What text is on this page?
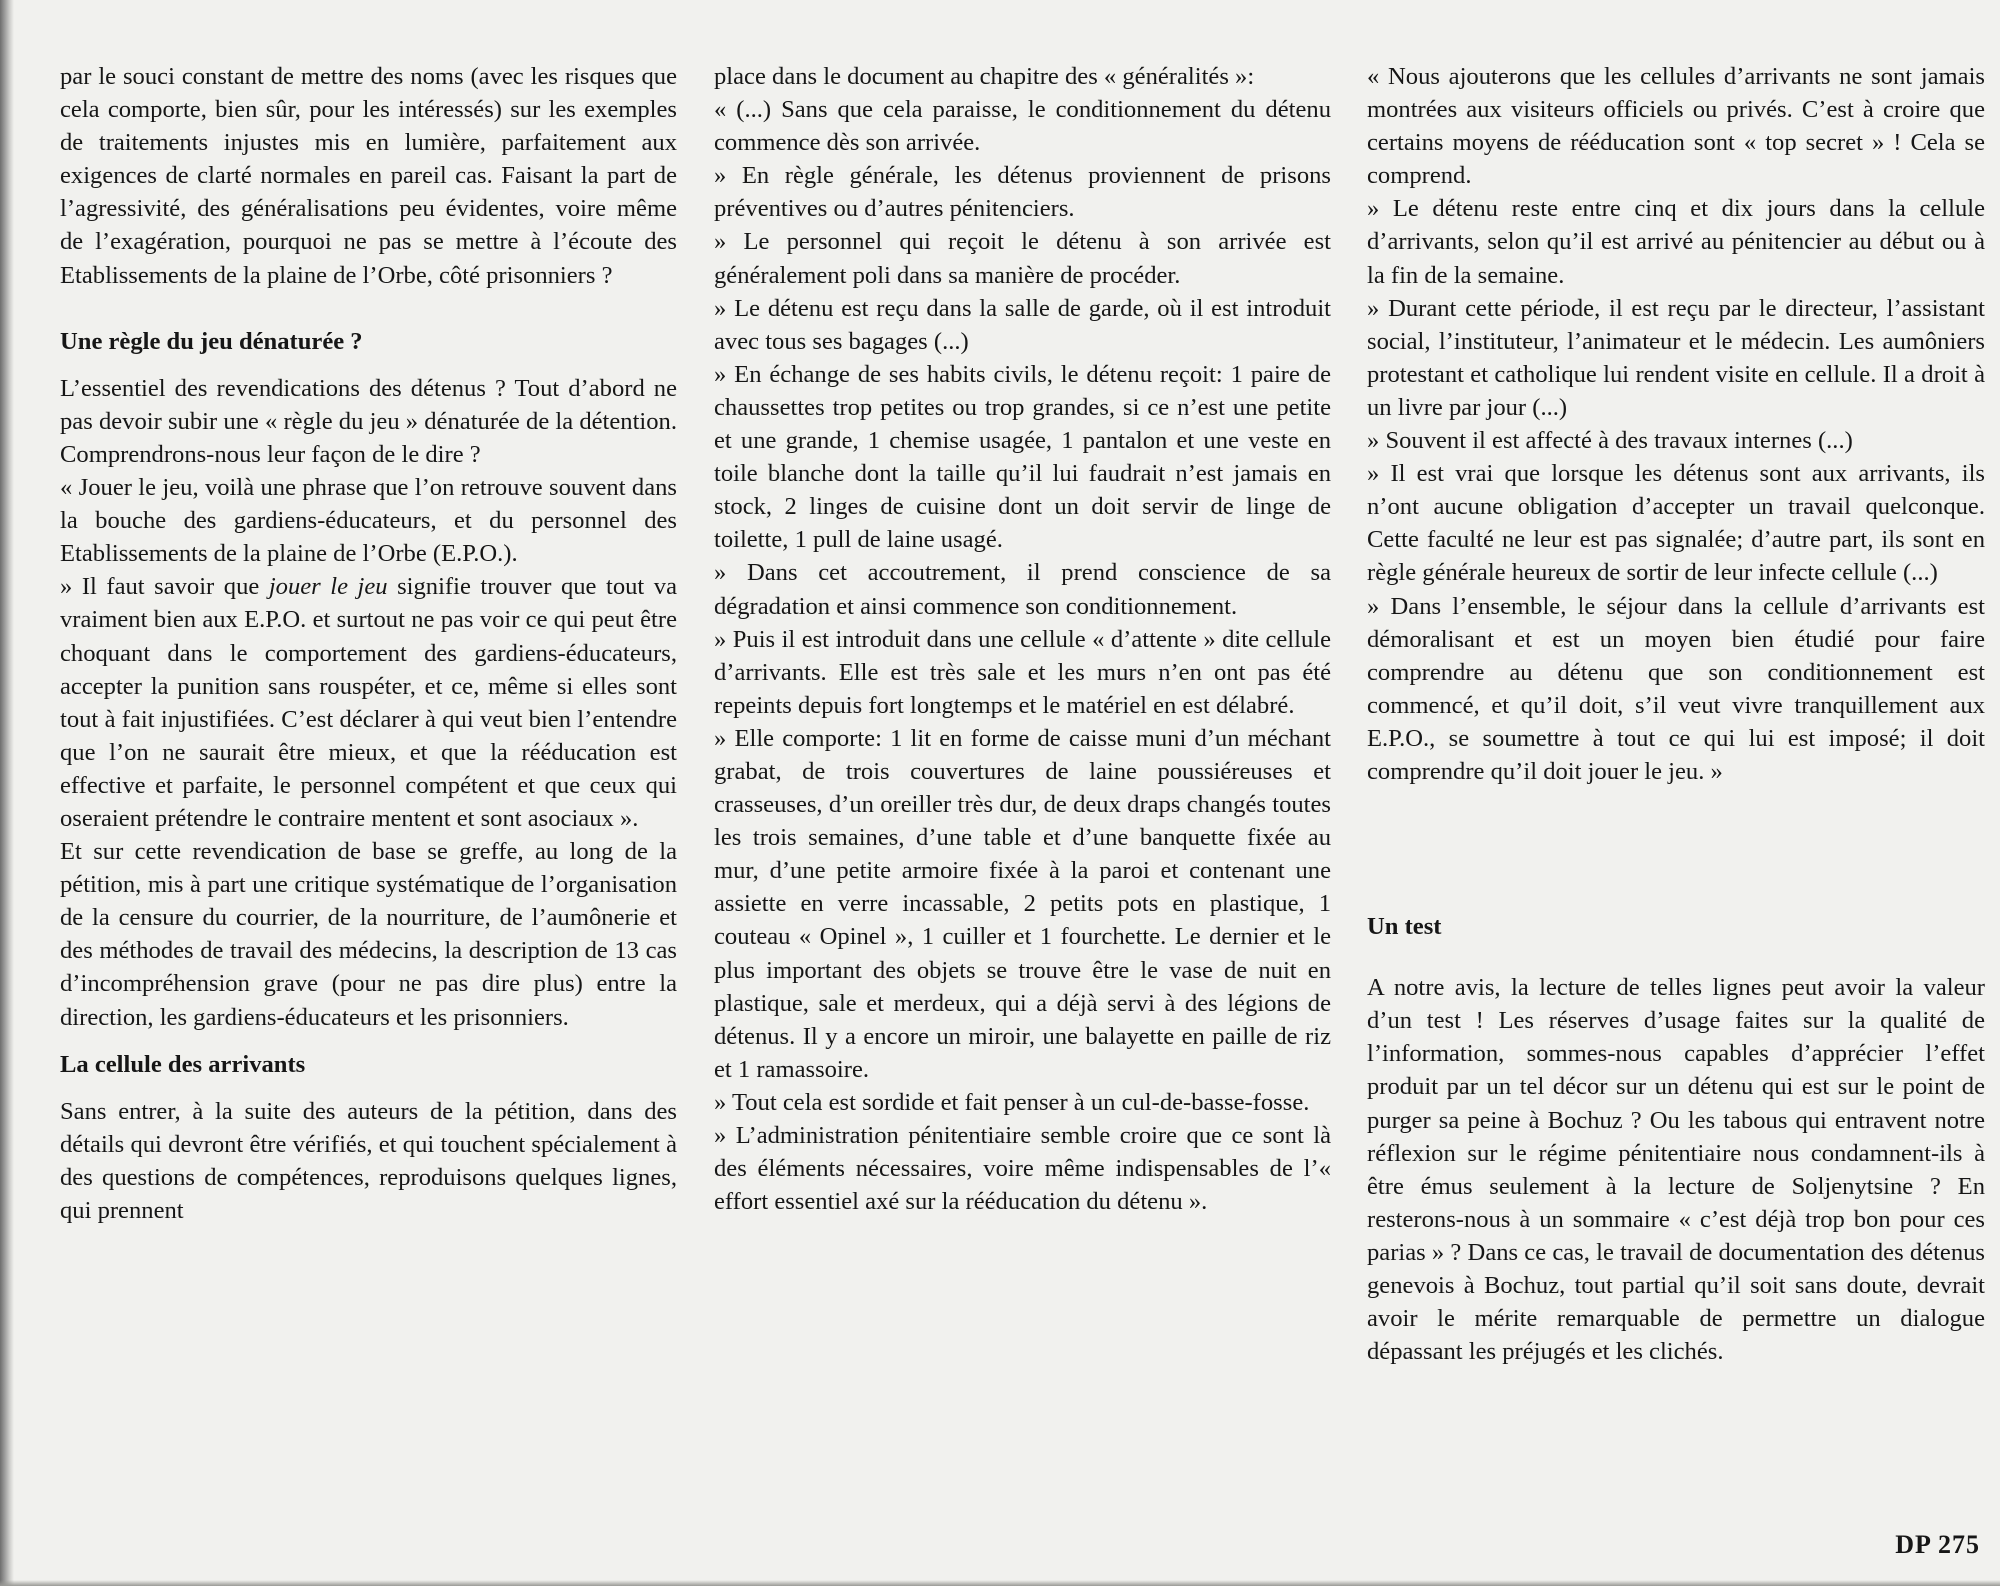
par le souci constant de mettre des noms (avec les risques que cela comporte, bien sûr, pour les intéressés) sur les exemples de traitements injustes mis en lumière, parfaitement aux exigences de clarté normales en pareil cas. Faisant la part de l’agressivité, des généralisations peu évidentes, voire même de l’exagération, pourquoi ne pas se mettre à l’écoute des Etablissements de la plaine de l’Orbe, côté prisonniers ?

Une règle du jeu dénaturée ?

L’essentiel des revendications des détenus ? Tout d’abord ne pas devoir subir une « règle du jeu » dénaturée de la détention. Comprendrons-nous leur façon de le dire ?

« Jouer le jeu, voilà une phrase que l’on retrouve souvent dans la bouche des gardiens-éducateurs, et du personnel des Etablissements de la plaine de l’Orbe (E.P.O.).

» Il faut savoir que jouer le jeu signifie trouver que tout va vraiment bien aux E.P.O. et surtout ne pas voir ce qui peut être choquant dans le comportement des gardiens-éducateurs, accepter la punition sans rouspéter, et ce, même si elles sont tout à fait injustifiées. C’est déclarer à qui veut bien l’entendre que l’on ne saurait être mieux, et que la rééducation est effective et parfaite, le personnel compétent et que ceux qui oseraient prétendre le contraire mentent et sont asociaux ».

Et sur cette revendication de base se greffe, au long de la pétition, mis à part une critique systématique de l’organisation de la censure du courrier, de la nourriture, de l’aumônerie et des méthodes de travail des médecins, la description de 13 cas d’incompréhension grave (pour ne pas dire plus) entre la direction, les gardiens-éducateurs et les prisonniers.

La cellule des arrivants

Sans entrer, à la suite des auteurs de la pétition, dans des détails qui devront être vérifiés, et qui touchent spécialement à des questions de compétences, reproduisons quelques lignes, qui prennent

place dans le document au chapitre des « généralités »:

« (...) Sans que cela paraisse, le conditionnement du détenu commence dès son arrivée.

» En règle générale, les détenus proviennent de prisons préventives ou d’autres pénitenciers.

» Le personnel qui reçoit le détenu à son arrivée est généralement poli dans sa manière de procéder.

» Le détenu est reçu dans la salle de garde, où il est introduit avec tous ses bagages (...)

» En échange de ses habits civils, le détenu reçoit: 1 paire de chaussettes trop petites ou trop grandes, si ce n’est une petite et une grande, 1 chemise usagée, 1 pantalon et une veste en toile blanche dont la taille qu’il lui faudrait n’est jamais en stock, 2 linges de cuisine dont un doit servir de linge de toilette, 1 pull de laine usagé.

» Dans cet accoutrement, il prend conscience de sa dégradation et ainsi commence son conditionnement.

» Puis il est introduit dans une cellule « d’attente » dite cellule d’arrivants. Elle est très sale et les murs n’en ont pas été repeints depuis fort longtemps et le matériel en est délabré.

» Elle comporte: 1 lit en forme de caisse muni d’un méchant grabat, de trois couvertures de laine poussiéreuses et crasseuses, d’un oreiller très dur, de deux draps changés toutes les trois semaines, d’une table et d’une banquette fixée au mur, d’une petite armoire fixée à la paroi et contenant une assiette en verre incassable, 2 petits pots en plastique, 1 couteau « Opinel », 1 cuiller et 1 fourchette. Le dernier et le plus important des objets se trouve être le vase de nuit en plastique, sale et merdeux, qui a déjà servi à des légions de détenus. Il y a encore un miroir, une balayette en paille de riz et 1 ramassoire.

» Tout cela est sordide et fait penser à un cul-de-basse-fosse.

» L’administration pénitentiaire semble croire que ce sont là des éléments nécessaires, voire même indispensables de l’« effort essentiel axé sur la rééducation du détenu ».

« Nous ajouterons que les cellules d’arrivants ne sont jamais montrées aux visiteurs officiels ou privés. C’est à croire que certains moyens de rééducation sont « top secret » ! Cela se comprend.

» Le détenu reste entre cinq et dix jours dans la cellule d’arrivants, selon qu’il est arrivé au pénitencier au début ou à la fin de la semaine.

» Durant cette période, il est reçu par le directeur, l’assistant social, l’instituteur, l’animateur et le médecin. Les aumôniers protestant et catholique lui rendent visite en cellule. Il a droit à un livre par jour (...)

» Souvent il est affecté à des travaux internes (...)

» Il est vrai que lorsque les détenus sont aux arrivants, ils n’ont aucune obligation d’accepter un travail quelconque. Cette faculté ne leur est pas signalée; d’autre part, ils sont en règle générale heureux de sortir de leur infecte cellule (...)

» Dans l’ensemble, le séjour dans la cellule d’arrivants est démoralisant et est un moyen bien étudié pour faire comprendre au détenu que son conditionnement est commencé, et qu’il doit, s’il veut vivre tranquillement aux E.P.O., se soumettre à tout ce qui lui est imposé; il doit comprendre qu’il doit jouer le jeu. »

Un test

A notre avis, la lecture de telles lignes peut avoir la valeur d’un test ! Les réserves d’usage faites sur la qualité de l’information, sommes-nous capables d’apprécier l’effet produit par un tel décor sur un détenu qui est sur le point de purger sa peine à Bochuz ? Ou les tabous qui entravent notre réflexion sur le régime pénitentiaire nous condamnent-ils à être émus seulement à la lecture de Soljenytsine ? En resterons-nous à un sommaire « c’est déjà trop bon pour ces parias » ? Dans ce cas, le travail de documentation des détenus genevois à Bochuz, tout partial qu’il soit sans doute, devrait avoir le mérite remarquable de permettre un dialogue dépassant les préjugés et les clichés.

DP 275
